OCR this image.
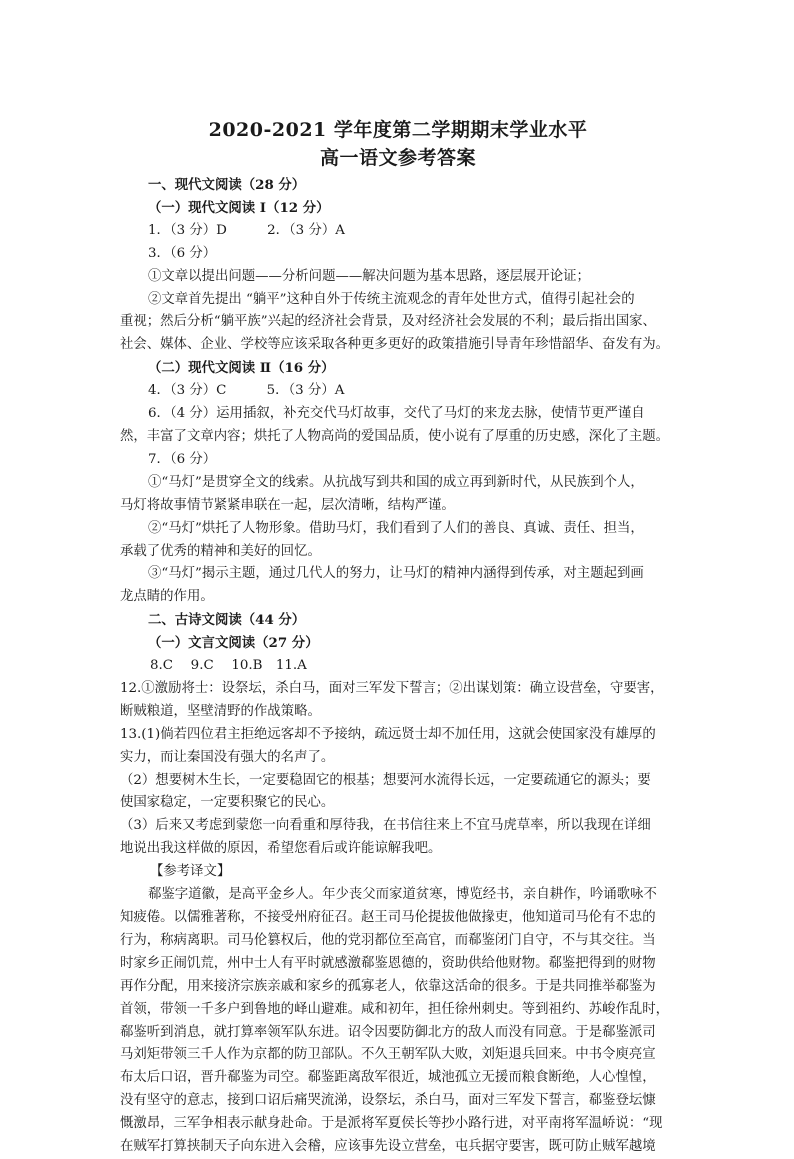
2020-2021 学年度第二学期期末学业水平
高一语文参考答案

一、现代文阅读（28 分）

（一）现代文阅读 Ⅰ（12 分）

1．（3 分）D　　　2．（3 分）A

3．（6 分）

①文章以提出问题——分析问题——解决问题为基本思路，逐层展开论证；

②文章首先提出 “躺平”这种自外于传统主流观念的青年处世方式，值得引起社会的

重视；然后分析“躺平族”兴起的经济社会背景，及对经济社会发展的不利；最后指出国家、

社会、媒体、企业、学校等应该采取各种更多更好的政策措施引导青年珍惜韶华、奋发有为。

（二）现代文阅读 Ⅱ（16 分）

4．（3 分）C　　　5．（3 分）A

6．（4 分）运用插叙，补充交代马灯故事，交代了马灯的来龙去脉，使情节更严谨自

然，丰富了文章内容；烘托了人物高尚的爱国品质，使小说有了厚重的历史感，深化了主题。

7．（6 分）

①“马灯”是贯穿全文的线索。从抗战写到共和国的成立再到新时代，从民族到个人，

马灯将故事情节紧紧串联在一起，层次清晰，结构严谨。

②“马灯”烘托了人物形象。借助马灯，我们看到了人们的善良、真诚、责任、担当，

承载了优秀的精神和美好的回忆。

③“马灯”揭示主题，通过几代人的努力，让马灯的精神内涵得到传承，对主题起到画

龙点睛的作用。

二、古诗文阅读（44 分）

（一）文言文阅读（27 分）

8.C　 9.C　 10.B　11.A

12.①激励将士：设祭坛，杀白马，面对三军发下誓言；②出谋划策：确立设营垒，守要害，

断贼粮道，坚壁清野的作战策略。

13.(1)倘若四位君主拒绝远客却不予接纳，疏远贤士却不加任用，这就会使国家没有雄厚的

实力，而让秦国没有强大的名声了。

（2）想要树木生长，一定要稳固它的根基；想要河水流得长远，一定要疏通它的源头；要

使国家稳定，一定要积聚它的民心。

（3）后来又考虑到蒙您一向看重和厚待我，在书信往来上不宜马虎草率，所以我现在详细

地说出我这样做的原因，希望您看后或许能谅解我吧。

【参考译文】

郗鉴字道徽，是高平金乡人。年少丧父而家道贫寒，博览经书，亲自耕作，吟诵歌咏不

知疲倦。以儒雅著称，不接受州府征召。赵王司马伦提拔他做掾吏，他知道司马伦有不忠的

行为，称病离职。司马伦篡权后，他的党羽都位至高官，而郗鉴闭门自守，不与其交往。当

时家乡正闹饥荒，州中士人有平时就感激郗鉴恩德的，资助供给他财物。郗鉴把得到的财物

再作分配，用来接济宗族亲戚和家乡的孤寡老人，依靠这活命的很多。于是共同推举郗鉴为

首领，带领一千多户到鲁地的峄山避难。咸和初年，担任徐州刺史。等到祖约、苏峻作乱时，

郗鉴听到消息，就打算率领军队东进。诏令因要防御北方的敌人而没有同意。于是郗鉴派司

马刘矩带领三千人作为京都的防卫部队。不久王朝军队大败，刘矩退兵回来。中书令庾亮宣

布太后口诏，晋升郗鉴为司空。郗鉴距离敌军很近，城池孤立无援而粮食断绝，人心惶惶，

没有坚守的意志，接到口诏后痛哭流涕，设祭坛，杀白马，面对三军发下誓言，郗鉴登坛慷

慨激昂，三军争相表示献身赴命。于是派将军夏侯长等抄小路行进，对平南将军温峤说：“现

在贼军打算挟制天子向东进入会稽，应该事先设立营垒，屯兵据守要害，既可防止贼军越境
